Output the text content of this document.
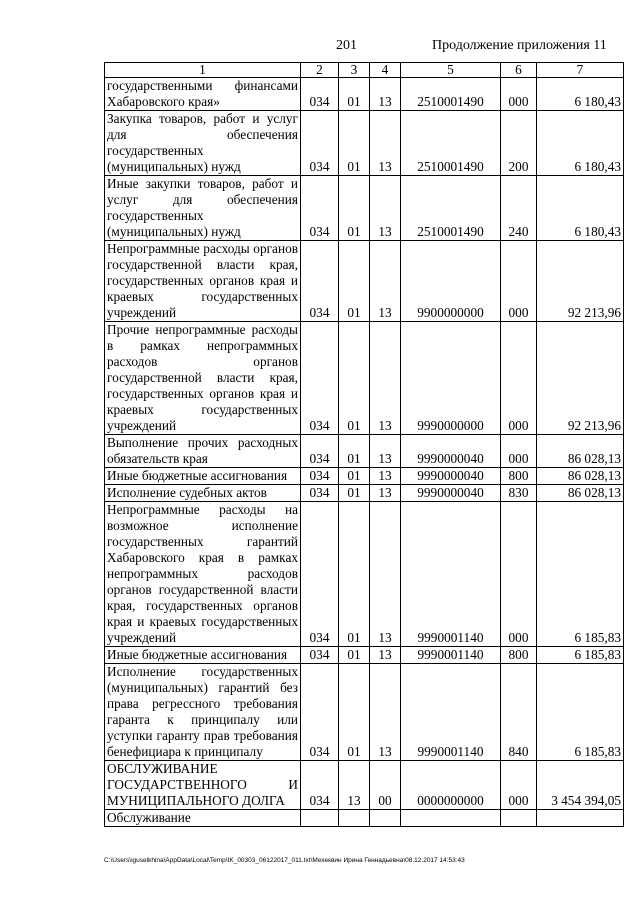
201	Продолжение приложения 11
1	2	3	4	5	6	7
государственными финансами Хабаровского края»	034	01	13	2510001490	000	6 180,43
Закупка товаров, работ и услуг для обеспечения государственных (муниципальных) нужд	034	01	13	2510001490	200	6 180,43
Иные закупки товаров, работ и услуг для обеспечения государственных (муниципальных) нужд	034	01	13	2510001490	240	6 180,43
Непрограммные расходы органов государственной власти края, государственных органов края и краевых государственных учреждений	034	01	13	9900000000	000	92 213,96
Прочие непрограммные расходы в рамках непрограммных расходов органов государственной власти края, государственных органов края и краевых государственных учреждений	034	01	13	9990000000	000	92 213,96
Выполнение прочих расходных обязательств края	034	01	13	9990000040	000	86 028,13
Иные бюджетные ассигнования	034	01	13	9990000040	800	86 028,13
Исполнение судебных актов	034	01	13	9990000040	830	86 028,13
Непрограммные расходы на возможное исполнение государственных гарантий Хабаровского края в рамках непрограммных расходов органов государственной власти края, государственных органов края и краевых государственных учреждений	034	01	13	9990001140	000	6 185,83
Иные бюджетные ассигнования	034	01	13	9990001140	800	6 185,83
Исполнение государственных (муниципальных) гарантий без права регрессного требования гаранта к принципалу или уступки гаранту прав требования бенефициара к принципалу	034	01	13	9990001140	840	6 185,83
ОБСЛУЖИВАНИЕ ГОСУДАРСТВЕННОГО И МУНИЦИПАЛЬНОГО ДОЛГА	034	13	00	0000000000	000	3 454 394,05
Обслуживание						
C:\Users\iguselkhina\AppData\Local\Temp\IK_00303_06122017_011.txt\Мехеквин Ирина Геннадьевна\08.12.2017 14:53:43
